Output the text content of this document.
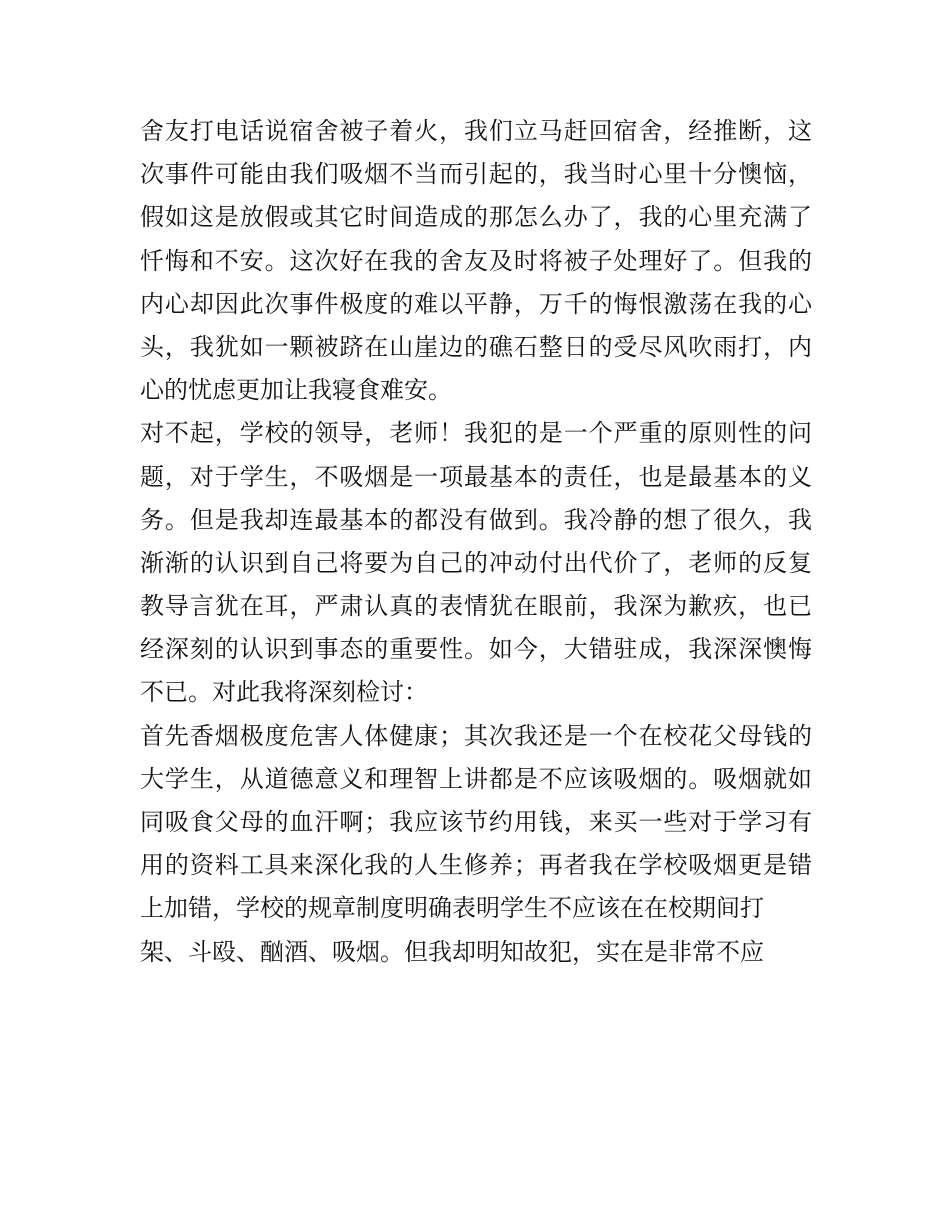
舍友打电话说宿舍被子着火，我们立马赶回宿舍，经推断，这
次事件可能由我们吸烟不当而引起的，我当时心里十分懊恼，
假如这是放假或其它时间造成的那怎么办了，我的心里充满了
忏悔和不安。这次好在我的舍友及时将被子处理好了。但我的
内心却因此次事件极度的难以平静，万千的悔恨激荡在我的心
头，我犹如一颗被跻在山崖边的礁石整日的受尽风吹雨打，内
心的忧虑更加让我寝食难安。
对不起，学校的领导，老师！我犯的是一个严重的原则性的问
题，对于学生，不吸烟是一项最基本的责任，也是最基本的义
务。但是我却连最基本的都没有做到。我冷静的想了很久，我
渐渐的认识到自己将要为自己的冲动付出代价了，老师的反复
教导言犹在耳，严肃认真的表情犹在眼前，我深为歉疚，也已
经深刻的认识到事态的重要性。如今，大错驻成，我深深懊悔
不已。对此我将深刻检讨：
首先香烟极度危害人体健康；其次我还是一个在校花父母钱的
大学生，从道德意义和理智上讲都是不应该吸烟的。吸烟就如
同吸食父母的血汗啊；我应该节约用钱，来买一些对于学习有
用的资料工具来深化我的人生修养；再者我在学校吸烟更是错
上加错，学校的规章制度明确表明学生不应该在在校期间打
架、斗殴、酗酒、吸烟。但我却明知故犯，实在是非常不应
